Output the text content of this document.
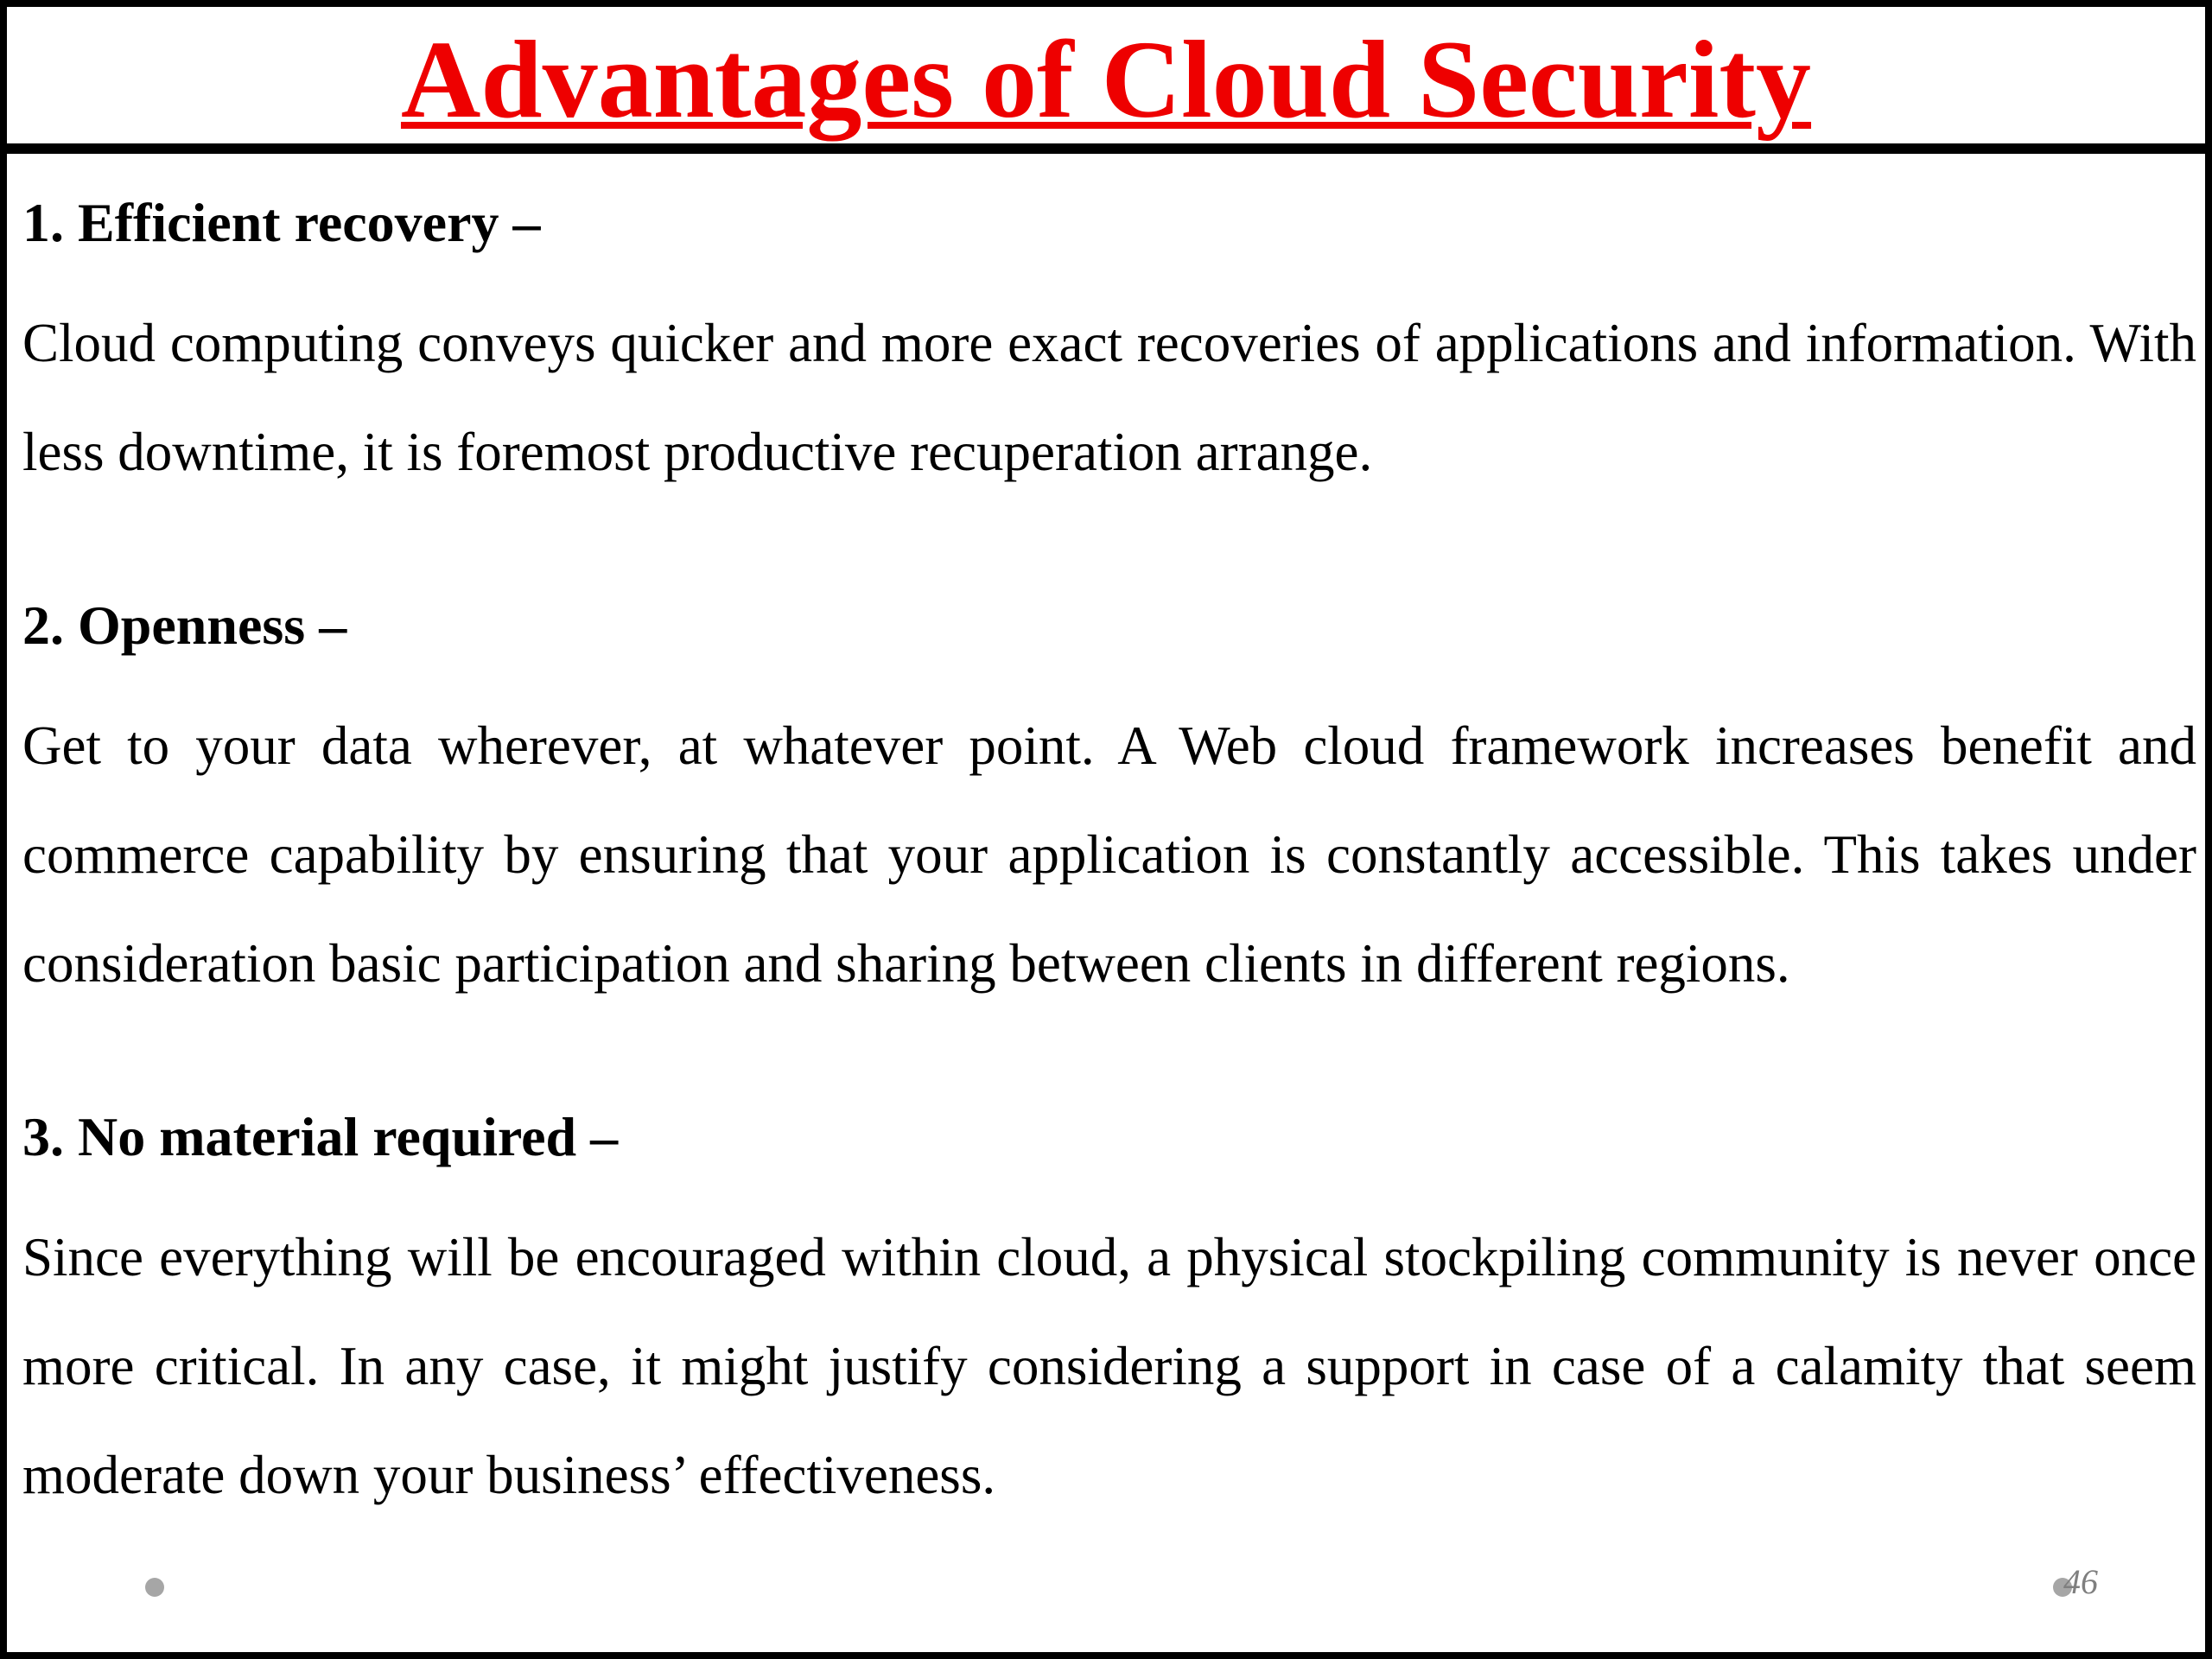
Advantages of Cloud Security
1. Efficient recovery –

Cloud computing conveys quicker and more exact recoveries of applications and information. With less downtime, it is foremost productive recuperation arrange.

2. Openness –

Get to your data wherever, at whatever point. A Web cloud framework increases benefit and commerce capability by ensuring that your application is constantly accessible. This takes under consideration basic participation and sharing between clients in different regions.

3. No material required –

Since everything will be encouraged within cloud, a physical stockpiling community is never once more critical. In any case, it might justify considering a support in case of a calamity that seem moderate down your business’ effectiveness.

46
